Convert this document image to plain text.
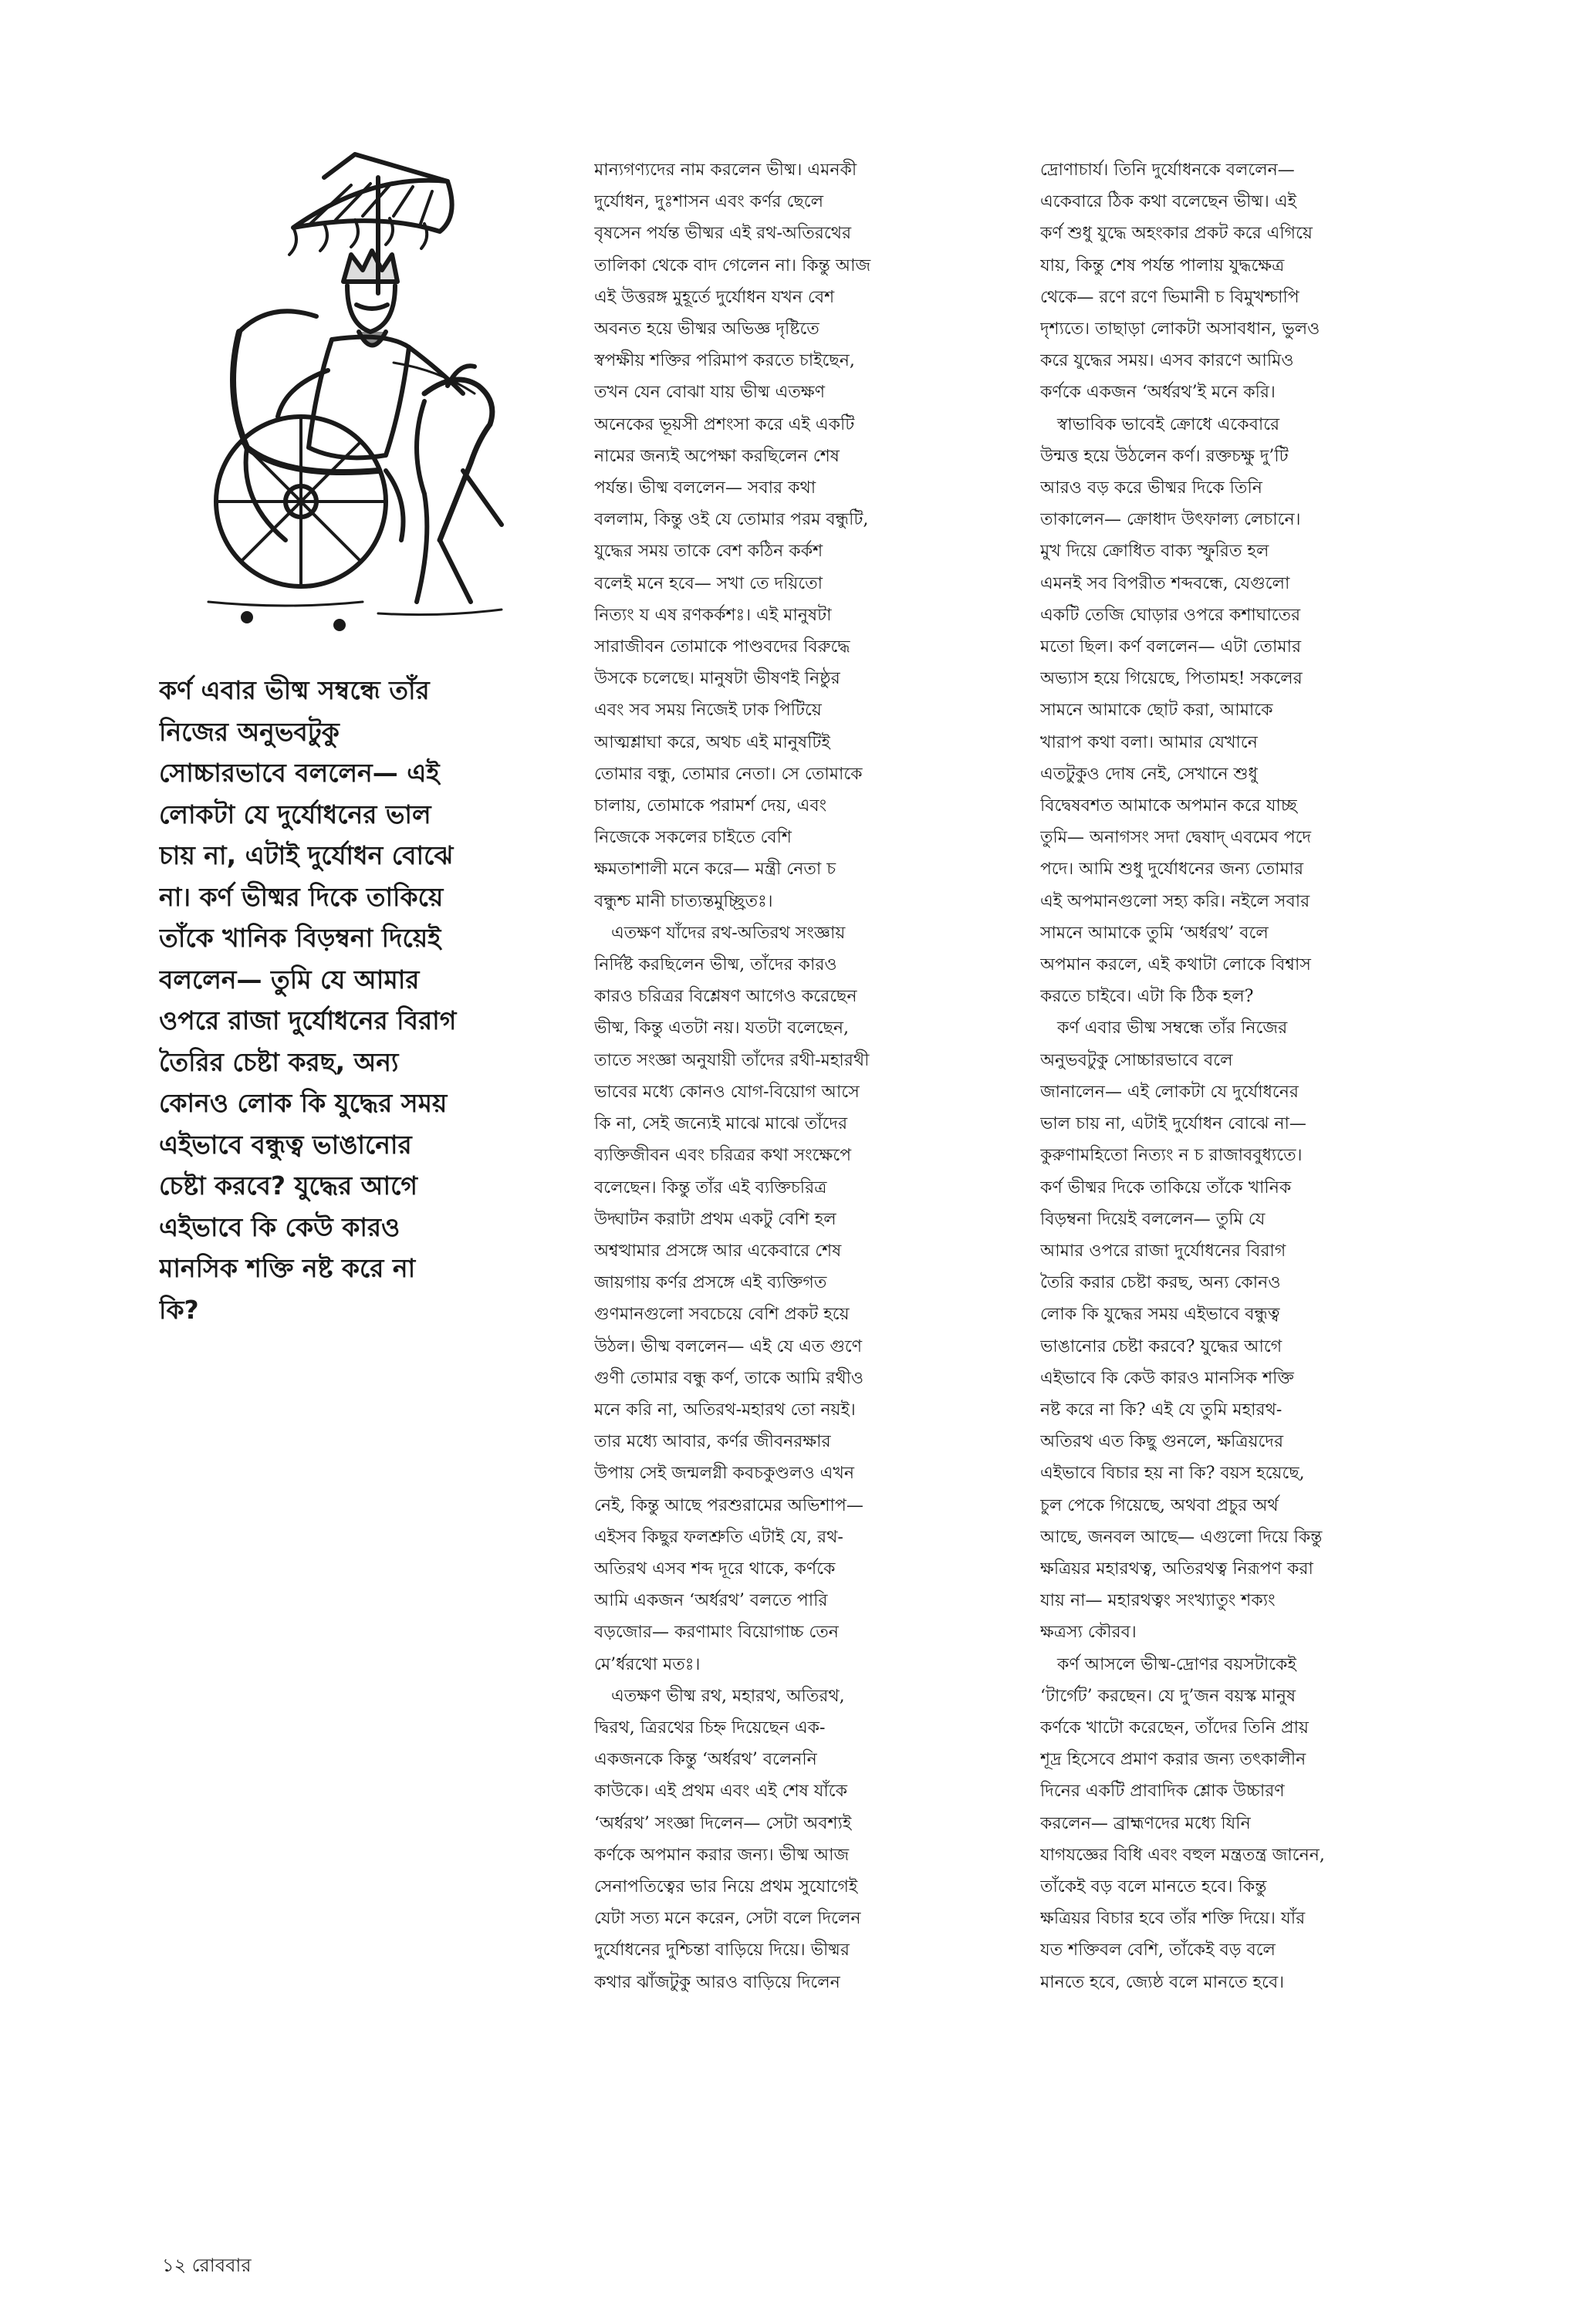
কর্ণ এবার ভীষ্ম সম্বন্ধে তাঁর
নিজের অনুভবটুকু
সোচ্চারভাবে বললেন— এই
লোকটা যে দুর্যোধনের ভাল
চায় না, এটাই দুর্যোধন বোঝে
না। কর্ণ ভীষ্মর দিকে তাকিয়ে
তাঁকে খানিক বিড়ম্বনা দিয়েই
বললেন— তুমি যে আমার
ওপরে রাজা দুর্যোধনের বিরাগ
তৈরির চেষ্টা করছ, অন্য
কোনও লোক কি যুদ্ধের সময়
এইভাবে বন্ধুত্ব ভাঙানোর
চেষ্টা করবে? যুদ্ধের আগে
এইভাবে কি কেউ কারও
মানসিক শক্তি নষ্ট করে না
কি?
মান্যগণ্যদের নাম করলেন ভীষ্ম। এমনকী
দুর্যোধন, দুঃশাসন এবং কর্ণর ছেলে
বৃষসেন পর্যন্ত ভীষ্মর এই রথ-অতিরথের
তালিকা থেকে বাদ গেলেন না। কিন্তু আজ
এই উত্তরঙ্গ মুহূর্তে দুর্যোধন যখন বেশ
অবনত হয়ে ভীষ্মর অভিজ্ঞ দৃষ্টিতে
স্বপক্ষীয় শক্তির পরিমাপ করতে চাইছেন,
তখন যেন বোঝা যায় ভীষ্ম এতক্ষণ
অনেকের ভূয়সী প্রশংসা করে এই একটি
নামের জন্যই অপেক্ষা করছিলেন শেষ
পর্যন্ত। ভীষ্ম বললেন— সবার কথা
বললাম, কিন্তু ওই যে তোমার পরম বন্ধুটি,
যুদ্ধের সময় তাকে বেশ কঠিন কর্কশ
বলেই মনে হবে— সখা তে দয়িতো
নিত্যং য এষ রণকর্কশঃ। এই মানুষটা
সারাজীবন তোমাকে পাণ্ডবদের বিরুদ্ধে
উসকে চলেছে। মানুষটা ভীষণই নিষ্ঠুর
এবং সব সময় নিজেই ঢাক পিটিয়ে
আত্মশ্লাঘা করে, অথচ এই মানুষটিই
তোমার বন্ধু, তোমার নেতা। সে তোমাকে
চালায়, তোমাকে পরামর্শ দেয়, এবং
নিজেকে সকলের চাইতে বেশি
ক্ষমতাশালী মনে করে— মন্ত্রী নেতা চ
বন্ধুশ্চ মানী চাত্যন্তমুচ্ছ্রিতঃ।
 এতক্ষণ যাঁদের রথ-অতিরথ সংজ্ঞায়
নির্দিষ্ট করছিলেন ভীষ্ম, তাঁদের কারও
কারও চরিত্রর বিশ্লেষণ আগেও করেছেন
ভীষ্ম, কিন্তু এতটা নয়। যতটা বলেছেন,
তাতে সংজ্ঞা অনুযায়ী তাঁদের রথী-মহারথী
ভাবের মধ্যে কোনও যোগ-বিয়োগ আসে
কি না, সেই জন্যেই মাঝে মাঝে তাঁদের
ব্যক্তিজীবন এবং চরিত্রর কথা সংক্ষেপে
বলেছেন। কিন্তু তাঁর এই ব্যক্তিচরিত্র
উদ্ঘাটন করাটা প্রথম একটু বেশি হল
অশ্বত্থামার প্রসঙ্গে আর একেবারে শেষ
জায়গায় কর্ণর প্রসঙ্গে এই ব্যক্তিগত
গুণমানগুলো সবচেয়ে বেশি প্রকট হয়ে
উঠল। ভীষ্ম বললেন— এই যে এত গুণে
গুণী তোমার বন্ধু কর্ণ, তাকে আমি রথীও
মনে করি না, অতিরথ-মহারথ তো নয়ই।
তার মধ্যে আবার, কর্ণর জীবনরক্ষার
উপায় সেই জন্মলগ্নী কবচকুণ্ডলও এখন
নেই, কিন্তু আছে পরশুরামের অভিশাপ—
এইসব কিছুর ফলশ্রুতি এটাই যে, রথ-
অতিরথ এসব শব্দ দূরে থাকে, কর্ণকে
আমি একজন ‘অর্ধরথ’ বলতে পারি
বড়জোর— করণামাং বিয়োগাচ্চ তেন
মে’র্ধরথো মতঃ।
 এতক্ষণ ভীষ্ম রথ, মহারথ, অতিরথ,
দ্বিরথ, ত্রিরথের চিহ্ন দিয়েছেন এক-
একজনকে কিন্তু ‘অর্ধরথ’ বলেননি
কাউকে। এই প্রথম এবং এই শেষ যাঁকে
‘অর্ধরথ’ সংজ্ঞা দিলেন— সেটা অবশ্যই
কর্ণকে অপমান করার জন্য। ভীষ্ম আজ
সেনাপতিত্বের ভার নিয়ে প্রথম সুযোগেই
যেটা সত্য মনে করেন, সেটা বলে দিলেন
দুর্যোধনের দুশ্চিন্তা বাড়িয়ে দিয়ে। ভীষ্মর
কথার ঝাঁজটুকু আরও বাড়িয়ে দিলেন
দ্রোণাচার্য। তিনি দুর্যোধনকে বললেন—
একেবারে ঠিক কথা বলেছেন ভীষ্ম। এই
কর্ণ শুধু যুদ্ধে অহংকার প্রকট করে এগিয়ে
যায়, কিন্তু শেষ পর্যন্ত পালায় যুদ্ধক্ষেত্র
থেকে— রণে রণে ভিমানী চ বিমুখশ্চাপি
দৃশ্যতে। তাছাড়া লোকটা অসাবধান, ভুলও
করে যুদ্ধের সময়। এসব কারণে আমিও
কর্ণকে একজন ‘অর্ধরথ’ই মনে করি।
 স্বাভাবিক ভাবেই ক্রোধে একেবারে
উন্মত্ত হয়ে উঠলেন কর্ণ। রক্তচক্ষু দু’টি
আরও বড় করে ভীষ্মর দিকে তিনি
তাকালেন— ক্রোধাদ উৎফাল্য লেচানে।
মুখ দিয়ে ক্রোধিত বাক্য স্ফুরিত হল
এমনই সব বিপরীত শব্দবন্ধে, যেগুলো
একটি তেজি ঘোড়ার ওপরে কশাঘাতের
মতো ছিল। কর্ণ বললেন— এটা তোমার
অভ্যাস হয়ে গিয়েছে, পিতামহ! সকলের
সামনে আমাকে ছোট করা, আমাকে
খারাপ কথা বলা। আমার যেখানে
এতটুকুও দোষ নেই, সেখানে শুধু
বিদ্বেষবশত আমাকে অপমান করে যাচ্ছ
তুমি— অনাগসং সদা দ্বেষাদ্ এবমেব পদে
পদে। আমি শুধু দুর্যোধনের জন্য তোমার
এই অপমানগুলো সহ্য করি। নইলে সবার
সামনে আমাকে তুমি ‘অর্ধরথ’ বলে
অপমান করলে, এই কথাটা লোকে বিশ্বাস
করতে চাইবে। এটা কি ঠিক হল?
 কর্ণ এবার ভীষ্ম সম্বন্ধে তাঁর নিজের
অনুভবটুকু সোচ্চারভাবে বলে
জানালেন— এই লোকটা যে দুর্যোধনের
ভাল চায় না, এটাই দুর্যোধন বোঝে না—
কুরুণামহিতো নিত্যং ন চ রাজাববুধ্যতে।
কর্ণ ভীষ্মর দিকে তাকিয়ে তাঁকে খানিক
বিড়ম্বনা দিয়েই বললেন— তুমি যে
আমার ওপরে রাজা দুর্যোধনের বিরাগ
তৈরি করার চেষ্টা করছ, অন্য কোনও
লোক কি যুদ্ধের সময় এইভাবে বন্ধুত্ব
ভাঙানোর চেষ্টা করবে? যুদ্ধের আগে
এইভাবে কি কেউ কারও মানসিক শক্তি
নষ্ট করে না কি? এই যে তুমি মহারথ-
অতিরথ এত কিছু গুনলে, ক্ষত্রিয়দের
এইভাবে বিচার হয় না কি? বয়স হয়েছে,
চুল পেকে গিয়েছে, অথবা প্রচুর অর্থ
আছে, জনবল আছে— এগুলো দিয়ে কিন্তু
ক্ষত্রিয়র মহারথত্ব, অতিরথত্ব নিরূপণ করা
যায় না— মহারথত্বং সংখ্যাতুং শক্যং
ক্ষত্রস্য কৌরব।
 কর্ণ আসলে ভীষ্ম-দ্রোণর বয়সটাকেই
‘টার্গেট’ করছেন। যে দু’জন বয়স্ক মানুষ
কর্ণকে খাটো করেছেন, তাঁদের তিনি প্রায়
শূদ্র হিসেবে প্রমাণ করার জন্য তৎকালীন
দিনের একটি প্রাবাদিক শ্লোক উচ্চারণ
করলেন— ব্রাহ্মণদের মধ্যে যিনি
যাগযজ্ঞের বিধি এবং বহুল মন্ত্রতন্ত্র জানেন,
তাঁকেই বড় বলে মানতে হবে। কিন্তু
ক্ষত্রিয়র বিচার হবে তাঁর শক্তি দিয়ে। যাঁর
যত শক্তিবল বেশি, তাঁকেই বড় বলে
মানতে হবে, জ্যেষ্ঠ বলে মানতে হবে।
১২ রোববার
